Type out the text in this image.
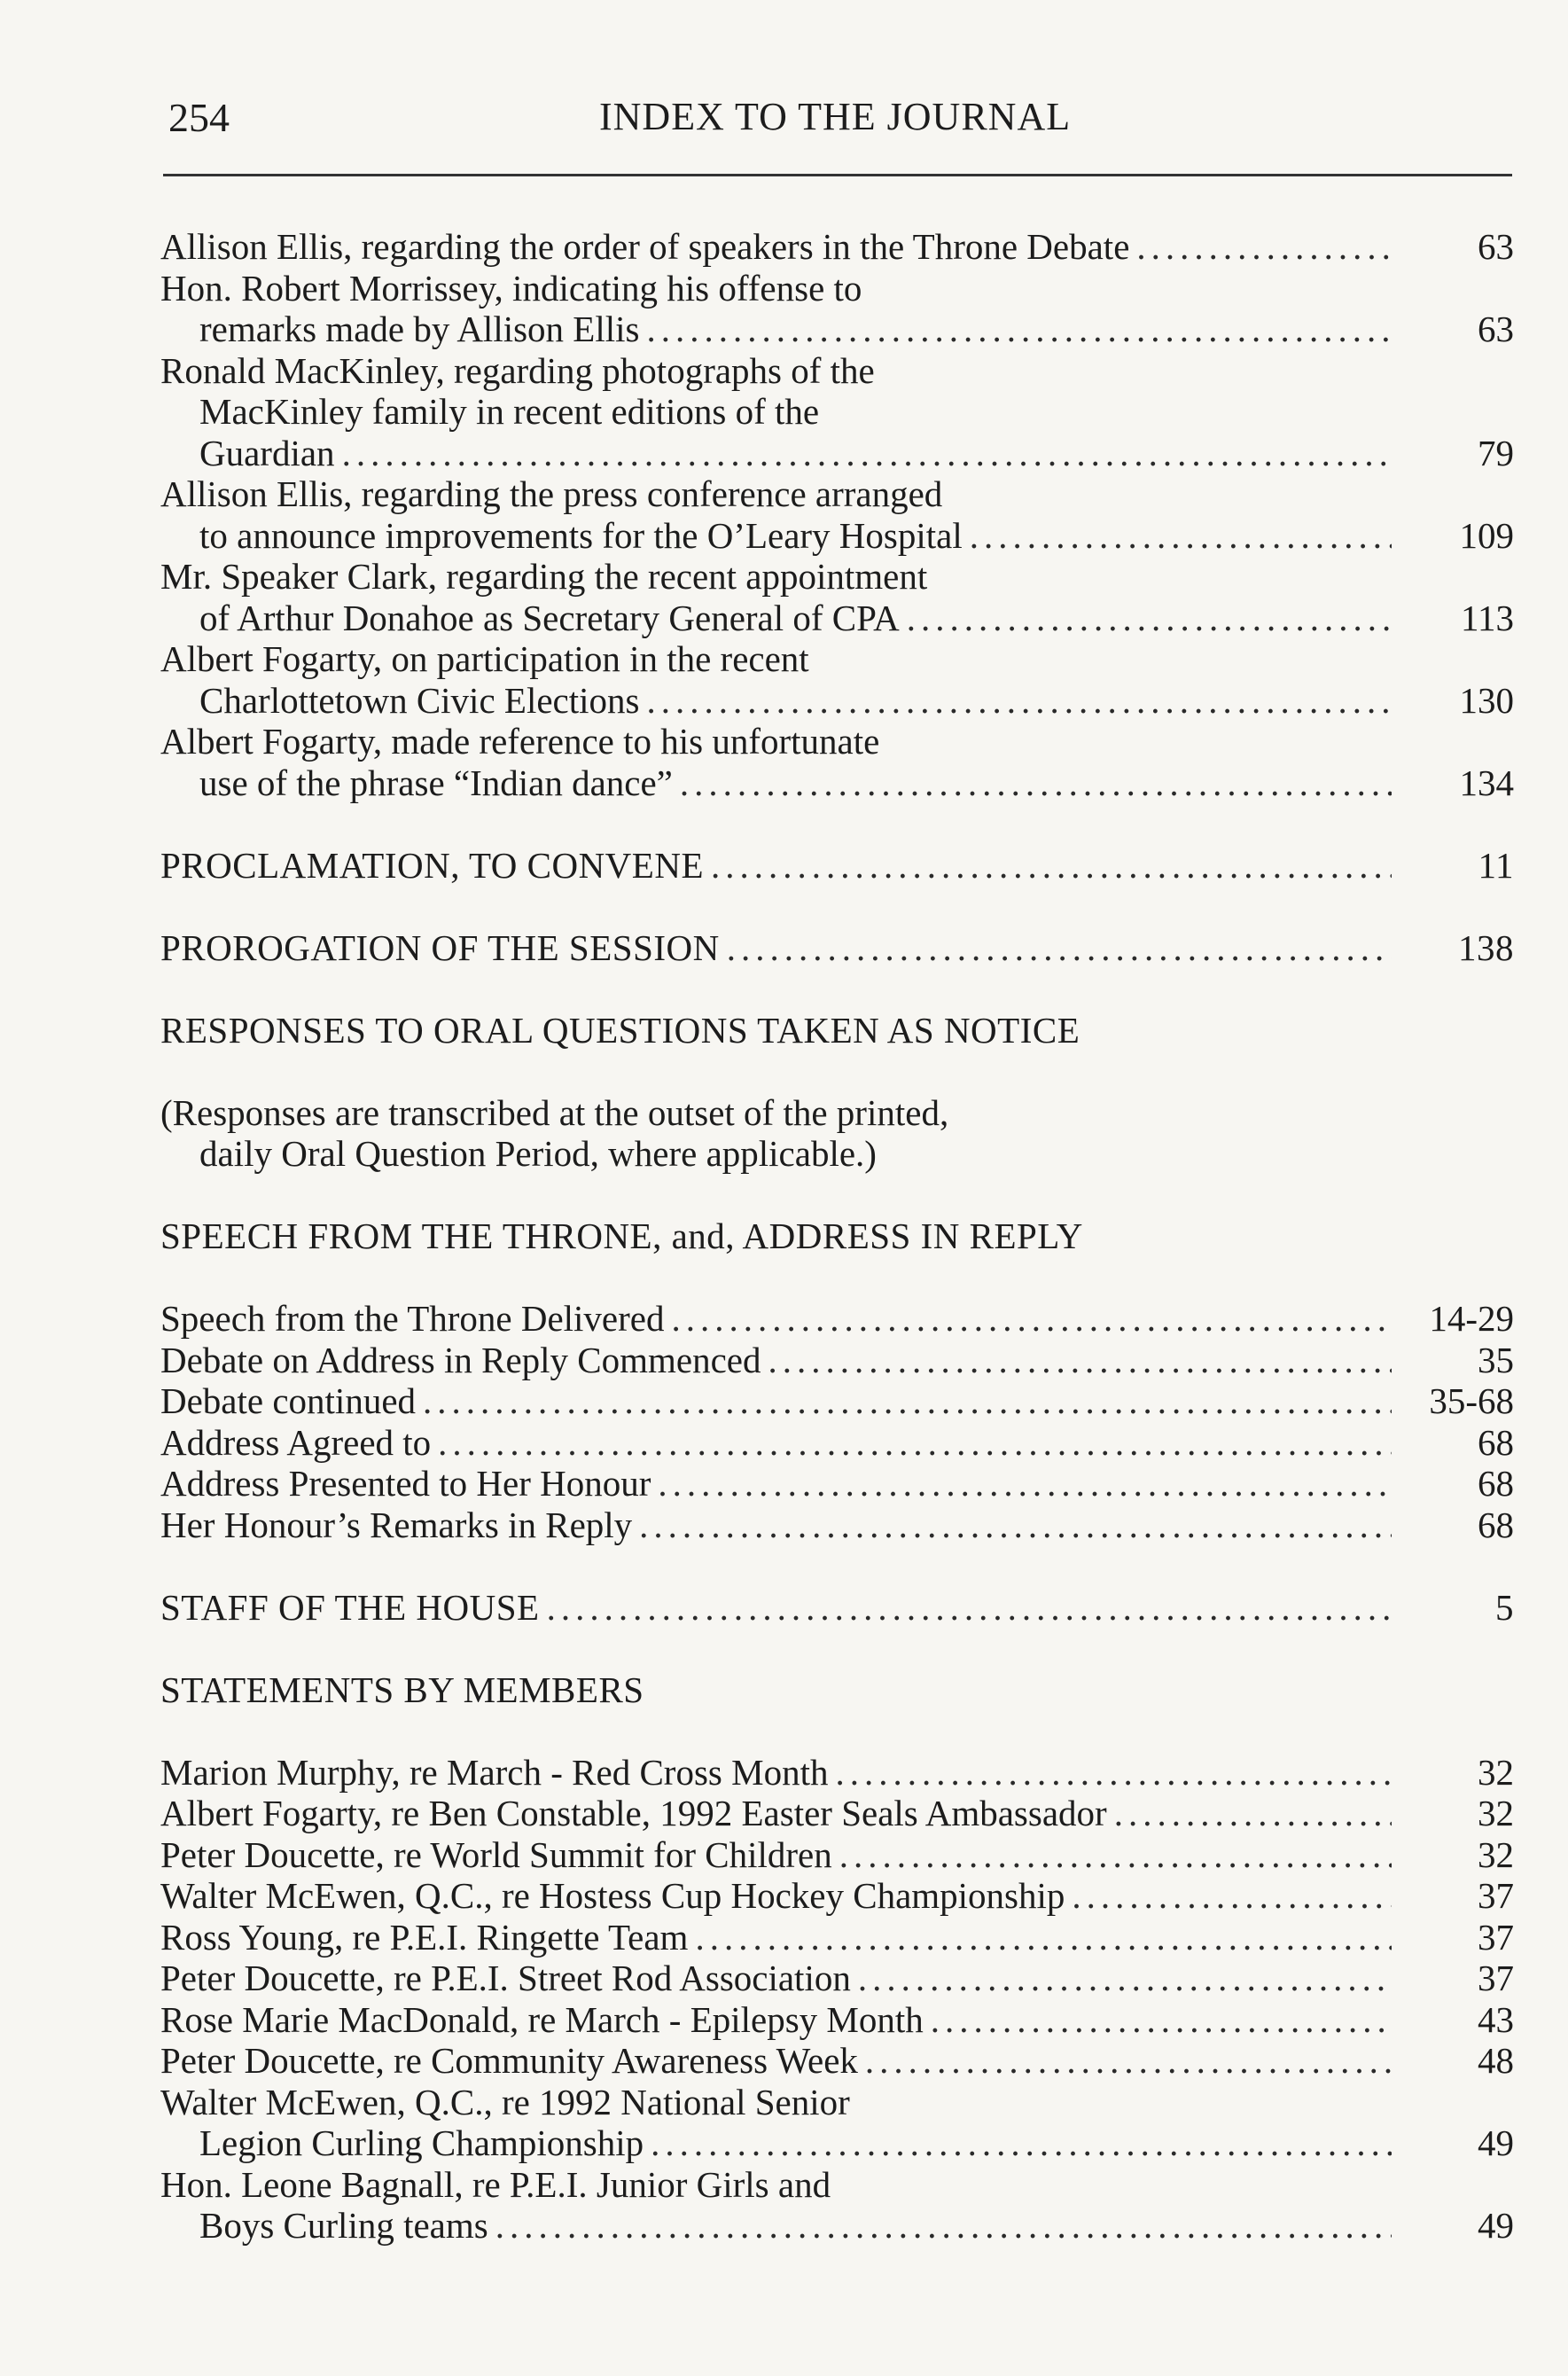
254	INDEX TO THE JOURNAL
Allison Ellis, regarding the order of speakers in the Throne Debate .....	63
Hon. Robert Morrissey, indicating his offense to
remarks made by Allison Ellis .....	63
Ronald MacKinley, regarding photographs of the
MacKinley family in recent editions of the
Guardian .....	79
Allison Ellis, regarding the press conference arranged
to announce improvements for the O’Leary Hospital .....	109
Mr. Speaker Clark, regarding the recent appointment
of Arthur Donahoe as Secretary General of CPA .....	113
Albert Fogarty, on participation in the recent
Charlottetown Civic Elections .....	130
Albert Fogarty, made reference to his unfortunate
use of the phrase “Indian dance” .....	134
PROCLAMATION, TO CONVENE .....	11
PROROGATION OF THE SESSION .....	138
RESPONSES TO ORAL QUESTIONS TAKEN AS NOTICE
(Responses are transcribed at the outset of the printed,
daily Oral Question Period, where applicable.)
SPEECH FROM THE THRONE, and, ADDRESS IN REPLY
Speech from the Throne Delivered .....	14-29
Debate on Address in Reply Commenced .....	35
Debate continued .....	35-68
Address Agreed to .....	68
Address Presented to Her Honour .....	68
Her Honour’s Remarks in Reply .....	68
STAFF OF THE HOUSE .....	5
STATEMENTS BY MEMBERS
Marion Murphy, re March - Red Cross Month .....	32
Albert Fogarty, re Ben Constable, 1992 Easter Seals Ambassador .....	32
Peter Doucette, re World Summit for Children .....	32
Walter McEwen, Q.C., re Hostess Cup Hockey Championship .....	37
Ross Young, re P.E.I. Ringette Team .....	37
Peter Doucette, re P.E.I. Street Rod Association .....	37
Rose Marie MacDonald, re March - Epilepsy Month .....	43
Peter Doucette, re Community Awareness Week .....	48
Walter McEwen, Q.C., re 1992 National Senior
Legion Curling Championship .....	49
Hon. Leone Bagnall, re P.E.I. Junior Girls and
Boys Curling teams .....	49
